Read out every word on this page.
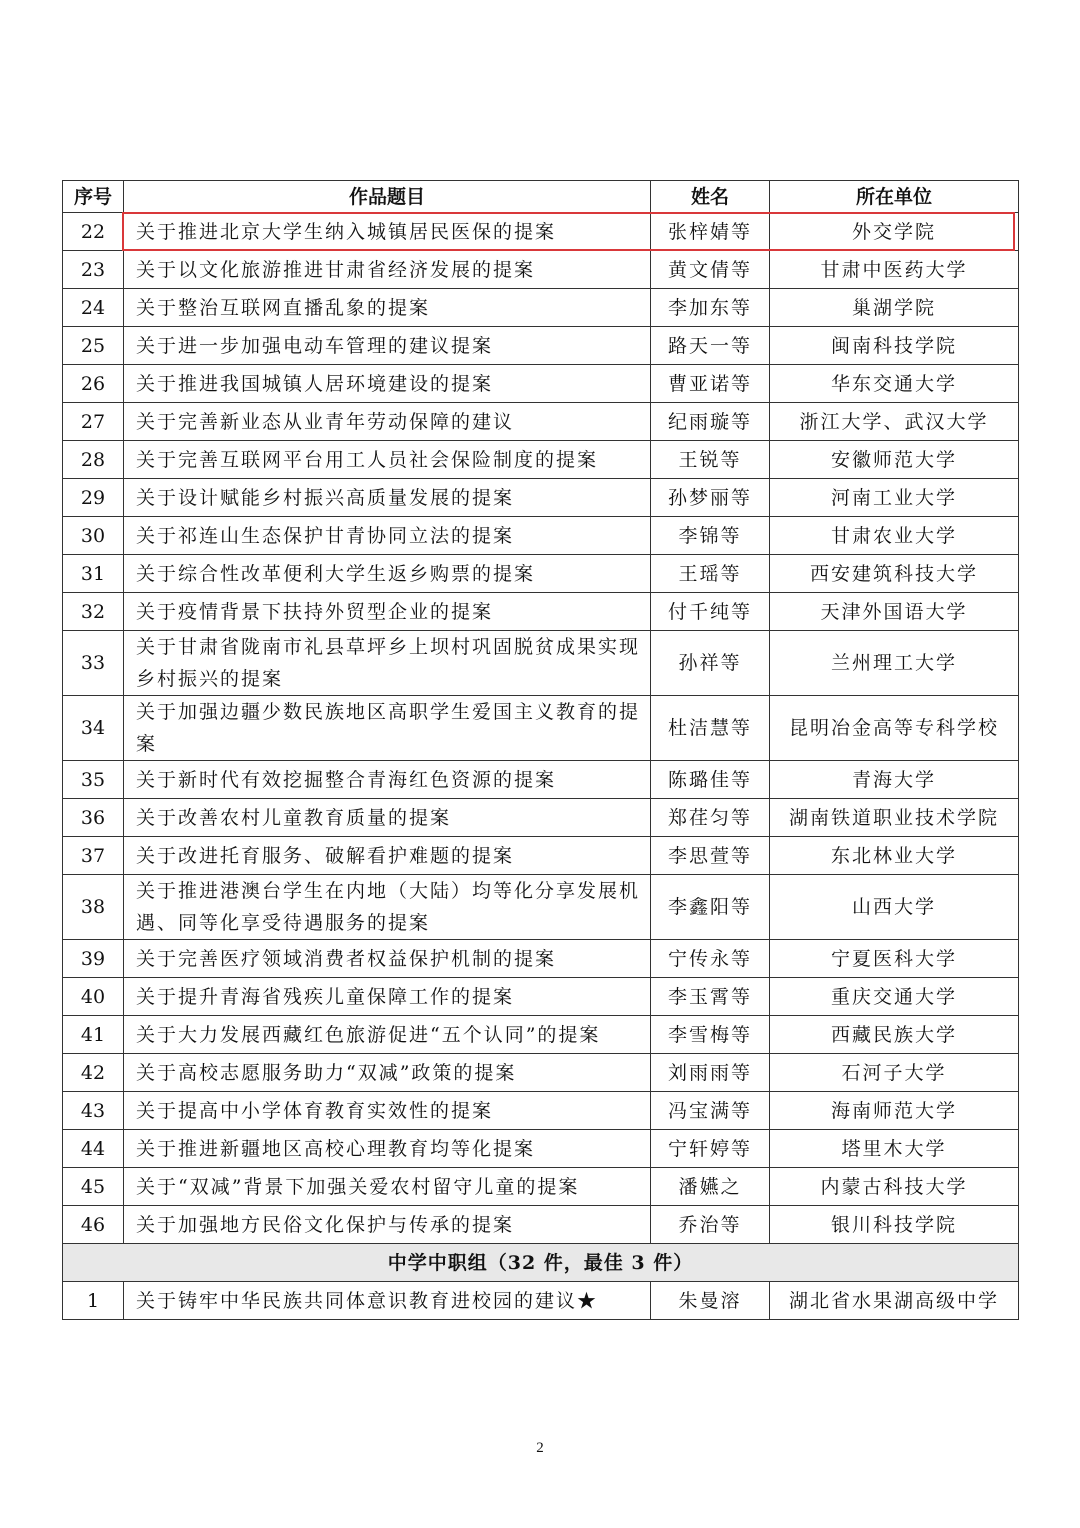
序号	作品题目	姓名	所在单位
22	关于推进北京大学生纳入城镇居民医保的提案	张梓婧等	外交学院
23	关于以文化旅游推进甘肃省经济发展的提案	黄文倩等	甘肃中医药大学
24	关于整治互联网直播乱象的提案	李加东等	巢湖学院
25	关于进一步加强电动车管理的建议提案	路天一等	闽南科技学院
26	关于推进我国城镇人居环境建设的提案	曹亚诺等	华东交通大学
27	关于完善新业态从业青年劳动保障的建议	纪雨璇等	浙江大学、武汉大学
28	关于完善互联网平台用工人员社会保险制度的提案	王锐等	安徽师范大学
29	关于设计赋能乡村振兴高质量发展的提案	孙梦丽等	河南工业大学
30	关于祁连山生态保护甘青协同立法的提案	李锦等	甘肃农业大学
31	关于综合性改革便利大学生返乡购票的提案	王瑶等	西安建筑科技大学
32	关于疫情背景下扶持外贸型企业的提案	付千纯等	天津外国语大学
33	关于甘肃省陇南市礼县草坪乡上坝村巩固脱贫成果实现乡村振兴的提案	孙祥等	兰州理工大学
34	关于加强边疆少数民族地区高职学生爱国主义教育的提案	杜洁慧等	昆明冶金高等专科学校
35	关于新时代有效挖掘整合青海红色资源的提案	陈璐佳等	青海大学
36	关于改善农村儿童教育质量的提案	郑荏匀等	湖南铁道职业技术学院
37	关于改进托育服务、破解看护难题的提案	李思萱等	东北林业大学
38	关于推进港澳台学生在内地（大陆）均等化分享发展机遇、同等化享受待遇服务的提案	李鑫阳等	山西大学
39	关于完善医疗领域消费者权益保护机制的提案	宁传永等	宁夏医科大学
40	关于提升青海省残疾儿童保障工作的提案	李玉霄等	重庆交通大学
41	关于大力发展西藏红色旅游促进“五个认同”的提案	李雪梅等	西藏民族大学
42	关于高校志愿服务助力“双减”政策的提案	刘雨雨等	石河子大学
43	关于提高中小学体育教育实效性的提案	冯宝满等	海南师范大学
44	关于推进新疆地区高校心理教育均等化提案	宁轩婷等	塔里木大学
45	关于“双减”背景下加强关爱农村留守儿童的提案	潘嬿之	内蒙古科技大学
46	关于加强地方民俗文化保护与传承的提案	乔治等	银川科技学院
中学中职组（32 件，最佳 3 件）			
1	关于铸牢中华民族共同体意识教育进校园的建议★	朱曼溶	湖北省水果湖高级中学
2
